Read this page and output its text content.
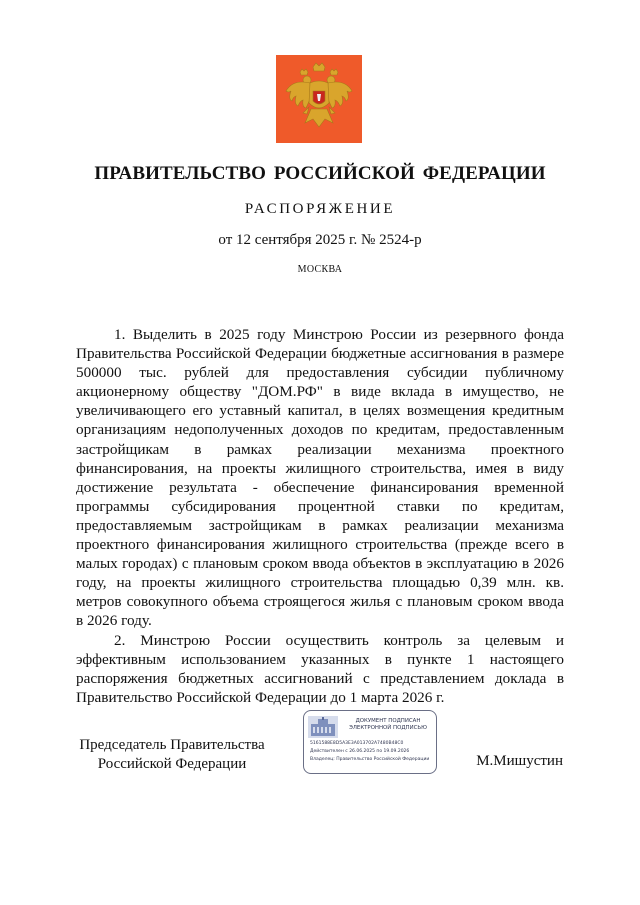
ПРАВИТЕЛЬСТВО РОССИЙСКОЙ ФЕДЕРАЦИИ
РАСПОРЯЖЕНИЕ
от 12 сентября 2025 г. № 2524-р
МОСКВА

1. Выделить в 2025 году Минстрою России из резервного фонда Правительства Российской Федерации бюджетные ассигнования в размере 500000 тыс. рублей для предоставления субсидии публичному акционерному обществу "ДОМ.РФ" в виде вклада в имущество, не увеличивающего его уставный капитал, в целях возмещения кредитным организациям недополученных доходов по кредитам, предоставленным застройщикам в рамках реализации механизма проектного финансирования, на проекты жилищного строительства, имея в виду достижение результата - обеспечение финансирования временной программы субсидирования процентной ставки по кредитам, предоставляемым застройщикам в рамках реализации механизма проектного финансирования жилищного строительства (прежде всего в малых городах) с плановым сроком ввода объектов в эксплуатацию в 2026 году, на проекты жилищного строительства площадью 0,39 млн. кв. метров совокупного объема строящегося жилья с плановым сроком ввода в 2026 году.

2. Минстрою России осуществить контроль за целевым и эффективным использованием указанных в пункте 1 настоящего распоряжения бюджетных ассигнований с представлением доклада в Правительство Российской Федерации до 1 марта 2026 г.

Председатель Правительства
Российской Федерации
ДОКУМЕНТ ПОДПИСАН
ЭЛЕКТРОННОЙ ПОДПИСЬЮ
5161588E8D5A3E3A013702A7480B48C0
Действителен с 26.06.2025 по 19.09.2026
Владелец: Правительство Российской Федерации	М.Мишустин
